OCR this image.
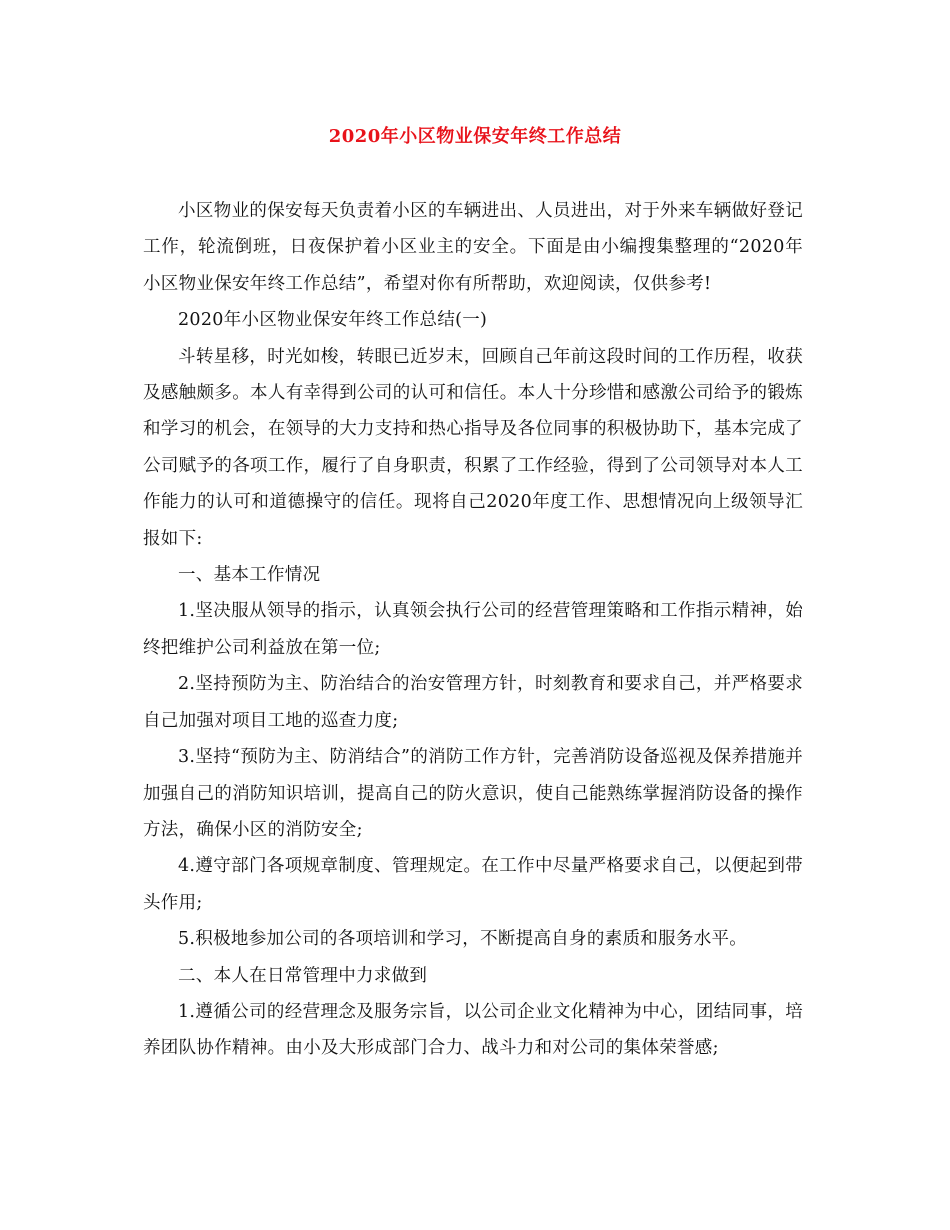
2020年小区物业保安年终工作总结

小区物业的保安每天负责着小区的车辆进出、人员进出，对于外来车辆做好登记工作，轮流倒班，日夜保护着小区业主的安全。下面是由小编搜集整理的“2020年小区物业保安年终工作总结”，希望对你有所帮助，欢迎阅读，仅供参考!

2020年小区物业保安年终工作总结(一)

斗转星移，时光如梭，转眼已近岁末，回顾自己年前这段时间的工作历程，收获及感触颇多。本人有幸得到公司的认可和信任。本人十分珍惜和感激公司给予的锻炼和学习的机会，在领导的大力支持和热心指导及各位同事的积极协助下，基本完成了公司赋予的各项工作，履行了自身职责，积累了工作经验，得到了公司领导对本人工作能力的认可和道德操守的信任。现将自己2020年度工作、思想情况向上级领导汇报如下:

一、基本工作情况

1.坚决服从领导的指示，认真领会执行公司的经营管理策略和工作指示精神，始终把维护公司利益放在第一位;

2.坚持预防为主、防治结合的治安管理方针，时刻教育和要求自己，并严格要求自己加强对项目工地的巡查力度;

3.坚持“预防为主、防消结合”的消防工作方针，完善消防设备巡视及保养措施并加强自己的消防知识培训，提高自己的防火意识，使自己能熟练掌握消防设备的操作方法，确保小区的消防安全;

4.遵守部门各项规章制度、管理规定。在工作中尽量严格要求自己，以便起到带头作用;

5.积极地参加公司的各项培训和学习，不断提高自身的素质和服务水平。

二、本人在日常管理中力求做到

1.遵循公司的经营理念及服务宗旨，以公司企业文化精神为中心，团结同事，培养团队协作精神。由小及大形成部门合力、战斗力和对公司的集体荣誉感;
